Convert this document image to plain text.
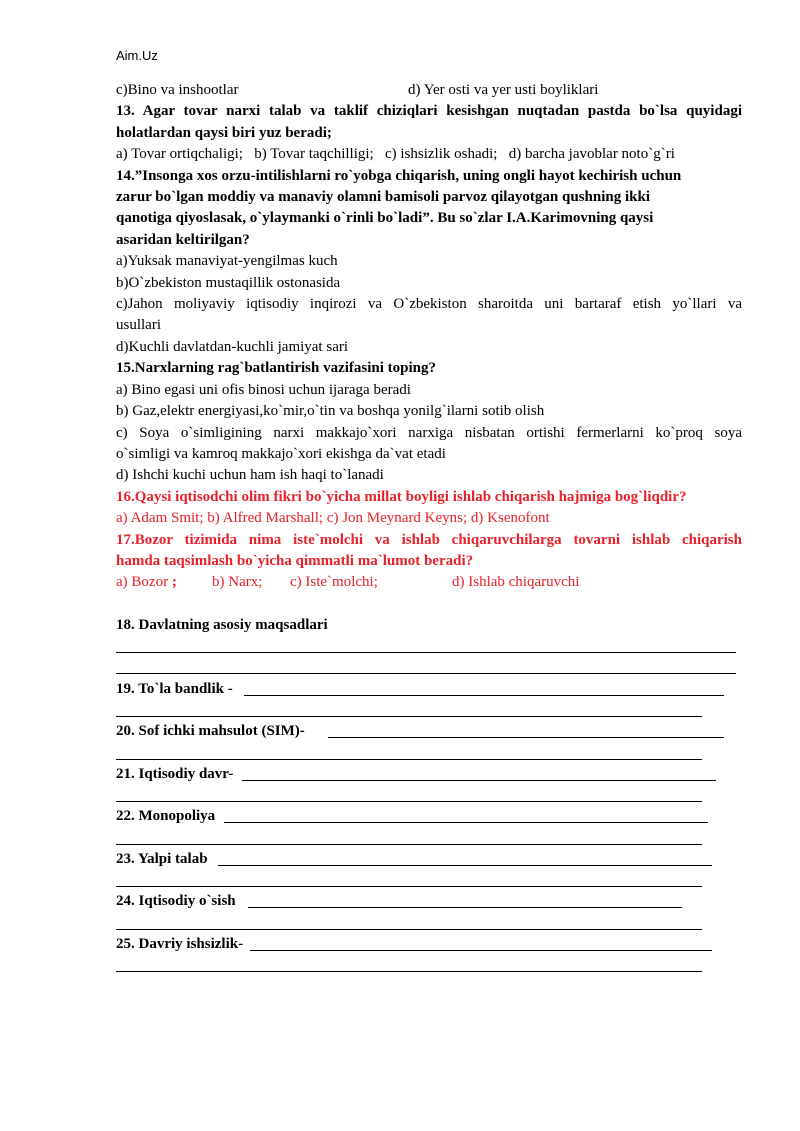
Aim.Uz
c)Bino va inshootlar	d) Yer osti va yer usti boyliklari
13. Agar tovar narxi talab va taklif chiziqlari kesishgan nuqtadan pastda bo`lsa quyidagi
holatlardan qaysi biri yuz beradi;
a) Tovar ortiqchaligi; b) Tovar taqchilligi; c) ishsizlik oshadi; d) barcha javoblar noto`g`ri
14.”Insonga xos orzu-intilishlarni ro`yobga chiqarish, uning ongli hayot kechirish uchun
zarur bo`lgan moddiy va manaviy olamni bamisoli parvoz qilayotgan qushning ikki
qanotiga qiyoslasak, o`ylaymanki o`rinli bo`ladi”. Bu so`zlar I.A.Karimovning qaysi
asaridan keltirilgan?
a)Yuksak manaviyat-yengilmas kuch
b)O`zbekiston mustaqillik ostonasida
c)Jahon moliyaviy iqtisodiy inqirozi va O`zbekiston sharoitda uni bartaraf etish yo`llari va
usullari
d)Kuchli davlatdan-kuchli jamiyat sari
15.Narxlarning rag`batlantirish vazifasini toping?
a) Bino egasi uni ofis binosi uchun ijaraga beradi
b) Gaz,elektr energiyasi,ko`mir,o`tin va boshqa yonilg`ilarni sotib olish
c) Soya o`simligining narxi makkajo`xori narxiga nisbatan ortishi fermerlarni ko`proq soya
o`simligi va kamroq makkajo`xori ekishga da`vat etadi
d) Ishchi kuchi uchun ham ish haqi to`lanadi
16.Qaysi iqtisodchi olim fikri bo`yicha millat boyligi ishlab chiqarish hajmiga bog`liqdir?
a) Adam Smit; b) Alfred Marshall; c) Jon Meynard Keyns; d) Ksenofont
17.Bozor tizimida nima iste`molchi va ishlab chiqaruvchilarga tovarni ishlab chiqarish
hamda taqsimlash bo`yicha qimmatli ma`lumot beradi?
a) Bozor ;	b) Narx;	c) Iste`molchi;	d) Ishlab chiqaruvchi
18. Davlatning asosiy maqsadlari
19. To`la bandlik -
20. Sof ichki mahsulot (SIM)-
21. Iqtisodiy davr-
22. Monopoliya
23. Yalpi talab
24. Iqtisodiy o`sish
25. Davriy ishsizlik-
